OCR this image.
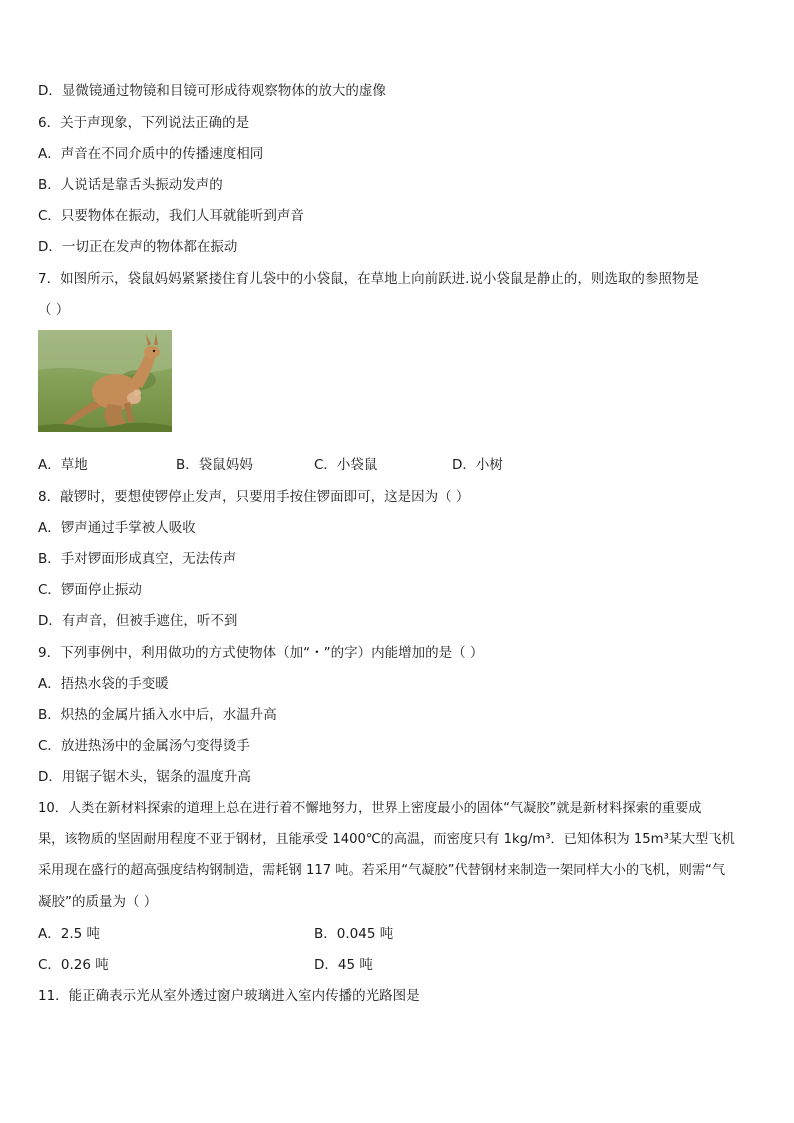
D．显微镜通过物镜和目镜可形成待观察物体的放大的虚像
6．关于声现象，下列说法正确的是
A．声音在不同介质中的传播速度相同
B．人说话是靠舌头振动发声的
C．只要物体在振动，我们人耳就能听到声音
D．一切正在发声的物体都在振动
7．如图所示，袋鼠妈妈紧紧搂住育儿袋中的小袋鼠，在草地上向前跃进.说小袋鼠是静止的，则选取的参照物是
（ ）
A．草地	B．袋鼠妈妈	C．小袋鼠	D．小树
8．敲锣时，要想使锣停止发声，只要用手按住锣面即可，这是因为（ ）
A．锣声通过手掌被人吸收
B．手对锣面形成真空，无法传声
C．锣面停止振动
D．有声音，但被手遮住，听不到
9．下列事例中，利用做功的方式使物体（加“・”的字）内能增加的是（ ）
A．捂热水袋的手变暖
B．炽热的金属片插入水中后，水温升高
C．放进热汤中的金属汤勺变得烫手
D．用锯子锯木头，锯条的温度升高
10．人类在新材料探索的道理上总在进行着不懈地努力，世界上密度最小的固体“气凝胶”就是新材料探索的重要成
果，该物质的坚固耐用程度不亚于钢材，且能承受 1400℃的高温，而密度只有 1kg/m³．已知体积为 15m³某大型飞机
采用现在盛行的超高强度结构钢制造，需耗钢 117 吨。若采用“气凝胶”代替钢材来制造一架同样大小的飞机，则需“气
凝胶”的质量为（ ）
A．2.5 吨	B．0.045 吨
C．0.26 吨	D．45 吨
11．能正确表示光从室外透过窗户玻璃进入室内传播的光路图是
